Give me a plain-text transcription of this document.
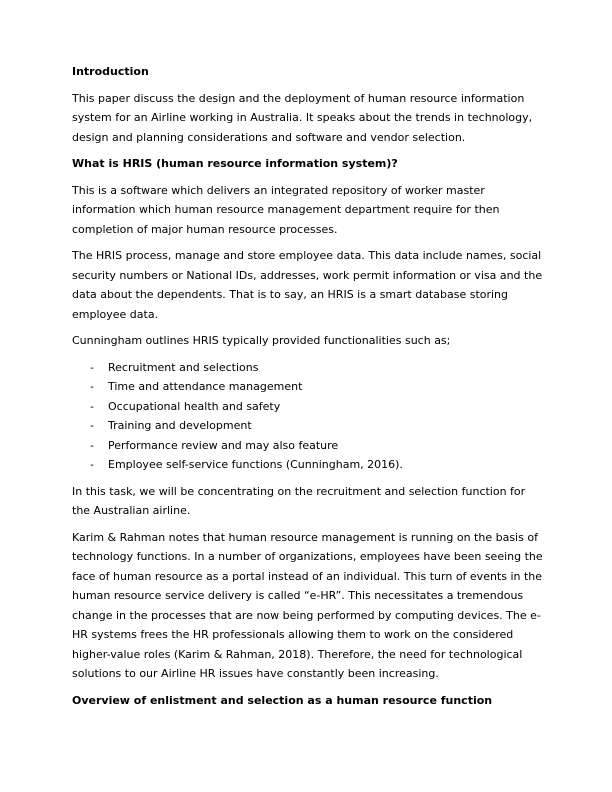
Introduction

This paper discuss the design and the deployment of human resource information system for an Airline working in Australia. It speaks about the trends in technology, design and planning considerations and software and vendor selection.

What is HRIS (human resource information system)?

This is a software which delivers an integrated repository of worker master information which human resource management department require for then completion of major human resource processes.

The HRIS process, manage and store employee data. This data include names, social security numbers or National IDs, addresses, work permit information or visa and the data about the dependents. That is to say, an HRIS is a smart database storing employee data.

Cunningham outlines HRIS typically provided functionalities such as;

- Recruitment and selections
- Time and attendance management
- Occupational health and safety
- Training and development
- Performance review and may also feature
- Employee self-service functions (Cunningham, 2016).

In this task, we will be concentrating on the recruitment and selection function for the Australian airline.

Karim & Rahman notes that human resource management is running on the basis of technology functions. In a number of organizations, employees have been seeing the face of human resource as a portal instead of an individual. This turn of events in the human resource service delivery is called “e-HR”. This necessitates a tremendous change in the processes that are now being performed by computing devices. The e-HR systems frees the HR professionals allowing them to work on the considered higher-value roles (Karim & Rahman, 2018). Therefore, the need for technological solutions to our Airline HR issues have constantly been increasing.

Overview of enlistment and selection as a human resource function
